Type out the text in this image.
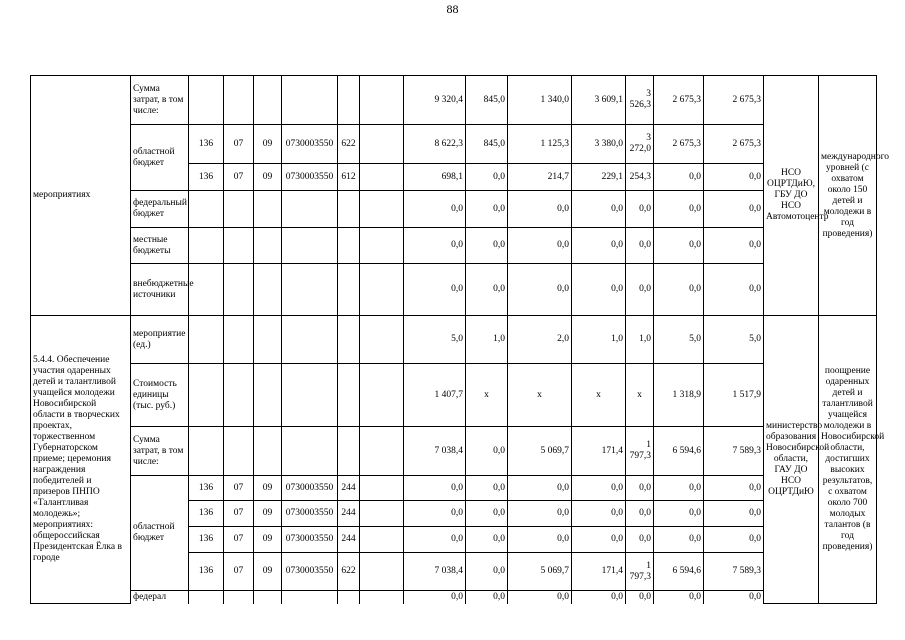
88
мероприятиях	Сумма затрат, в том числе:							9 320,4	845,0	1 340,0	3 609,1	3 526,3	2 675,3	2 675,3	НСО ОЦРТДиЮ, ГБУ ДО НСО Автомотоцентр	международного уровней (с охватом около 150 детей и молодежи в год проведения)
	областной бюджет	136	07	09	0730003550	622		8 622,3	845,0	1 125,3	3 380,0	3 272,0	2 675,3	2 675,3		
		136	07	09	0730003550	612		698,1	0,0	214,7	229,1	254,3	0,0	0,0		
	федеральный бюджет							0,0	0,0	0,0	0,0	0,0	0,0	0,0		
	местные бюджеты							0,0	0,0	0,0	0,0	0,0	0,0	0,0		
	внебюджетные источники							0,0	0,0	0,0	0,0	0,0	0,0	0,0		
5.4.4. Обеспечение участия одаренных детей и талантливой учащейся молодежи Новосибирской области в творческих проектах, торжественном Губернаторском приеме; церемония награждения победителей и призеров ПНПО «Талантливая молодежь»; мероприятиях: общероссийская Президентская Ёлка в городе	мероприятие (ед.)							5,0	1,0	2,0	1,0	1,0	5,0	5,0	министерство образования Новосибирской области, ГАУ ДО НСО ОЦРТДиЮ	поощрение одаренных детей и талантливой учащейся молодежи в Новосибирской области, достигших высоких результатов, с охватом около 700 молодых талантов (в год проведения)
	Стоимость единицы (тыс. руб.)							1 407,7	х	х	х	х	1 318,9	1 517,9		
	Сумма затрат, в том числе:							7 038,4	0,0	5 069,7	171,4	1 797,3	6 594,6	7 589,3		
	областной бюджет	136	07	09	0730003550	244		0,0	0,0	0,0	0,0	0,0	0,0	0,0		
		136	07	09	0730003550	244		0,0	0,0	0,0	0,0	0,0	0,0	0,0		
		136	07	09	0730003550	244		0,0	0,0	0,0	0,0	0,0	0,0	0,0		
		136	07	09	0730003550	622		7 038,4	0,0	5 069,7	171,4	1 797,3	6 594,6	7 589,3		
	федерал							0,0	0,0	0,0	0,0	0,0	0,0	0,0		
